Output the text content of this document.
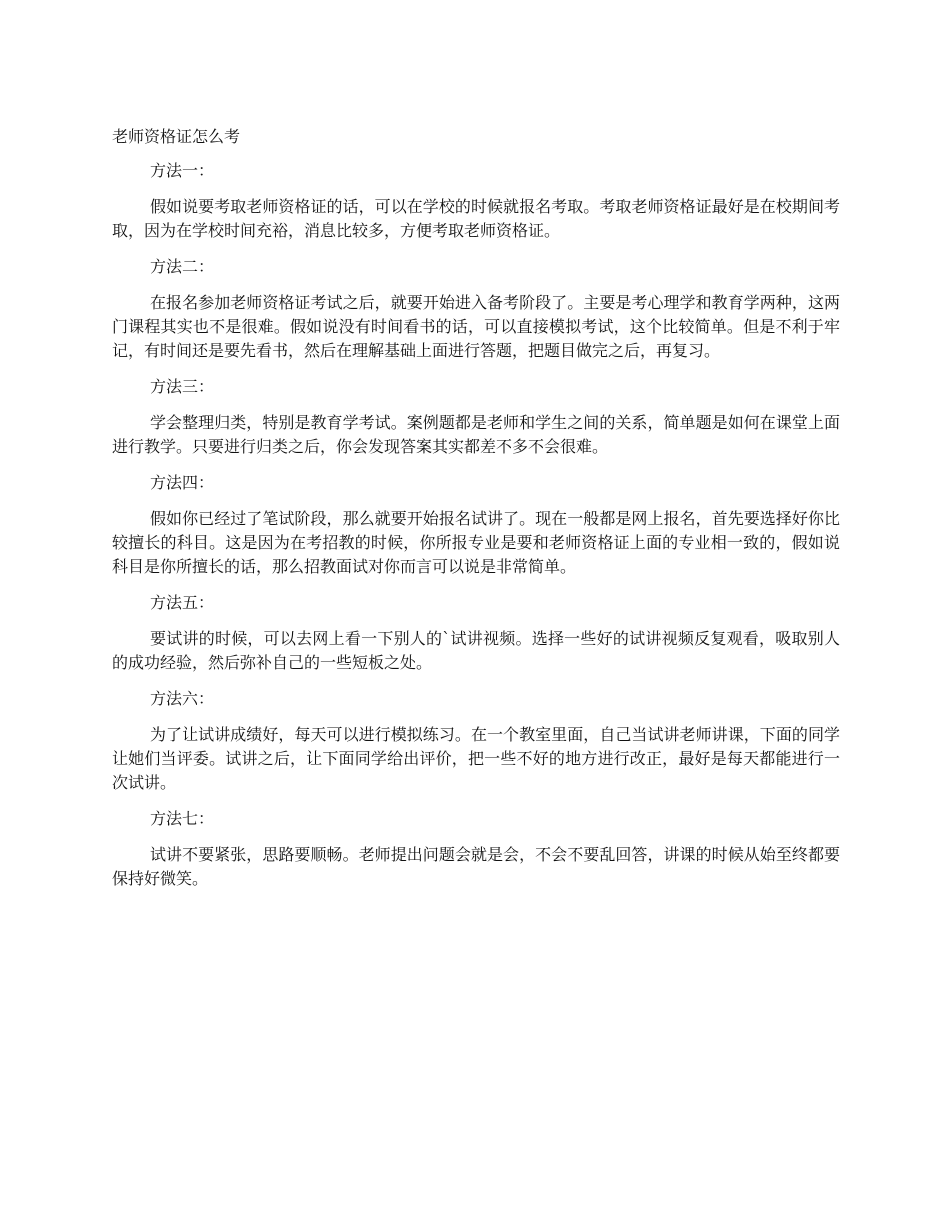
老师资格证怎么考

方法一：

假如说要考取老师资格证的话，可以在学校的时候就报名考取。考取老师资格证最好是在校期间考取，因为在学校时间充裕，消息比较多，方便考取老师资格证。

方法二：

在报名参加老师资格证考试之后，就要开始进入备考阶段了。主要是考心理学和教育学两种，这两门课程其实也不是很难。假如说没有时间看书的话，可以直接模拟考试，这个比较简单。但是不利于牢记，有时间还是要先看书，然后在理解基础上面进行答题，把题目做完之后，再复习。

方法三：

学会整理归类，特别是教育学考试。案例题都是老师和学生之间的关系，简单题是如何在课堂上面进行教学。只要进行归类之后，你会发现答案其实都差不多不会很难。

方法四：

假如你已经过了笔试阶段，那么就要开始报名试讲了。现在一般都是网上报名，首先要选择好你比较擅长的科目。这是因为在考招教的时候，你所报专业是要和老师资格证上面的专业相一致的，假如说科目是你所擅长的话，那么招教面试对你而言可以说是非常简单。

方法五：

要试讲的时候，可以去网上看一下别人的`试讲视频。选择一些好的试讲视频反复观看，吸取别人的成功经验，然后弥补自己的一些短板之处。

方法六：

为了让试讲成绩好，每天可以进行模拟练习。在一个教室里面，自己当试讲老师讲课，下面的同学让她们当评委。试讲之后，让下面同学给出评价，把一些不好的地方进行改正，最好是每天都能进行一次试讲。

方法七：

试讲不要紧张，思路要顺畅。老师提出问题会就是会，不会不要乱回答，讲课的时候从始至终都要保持好微笑。
